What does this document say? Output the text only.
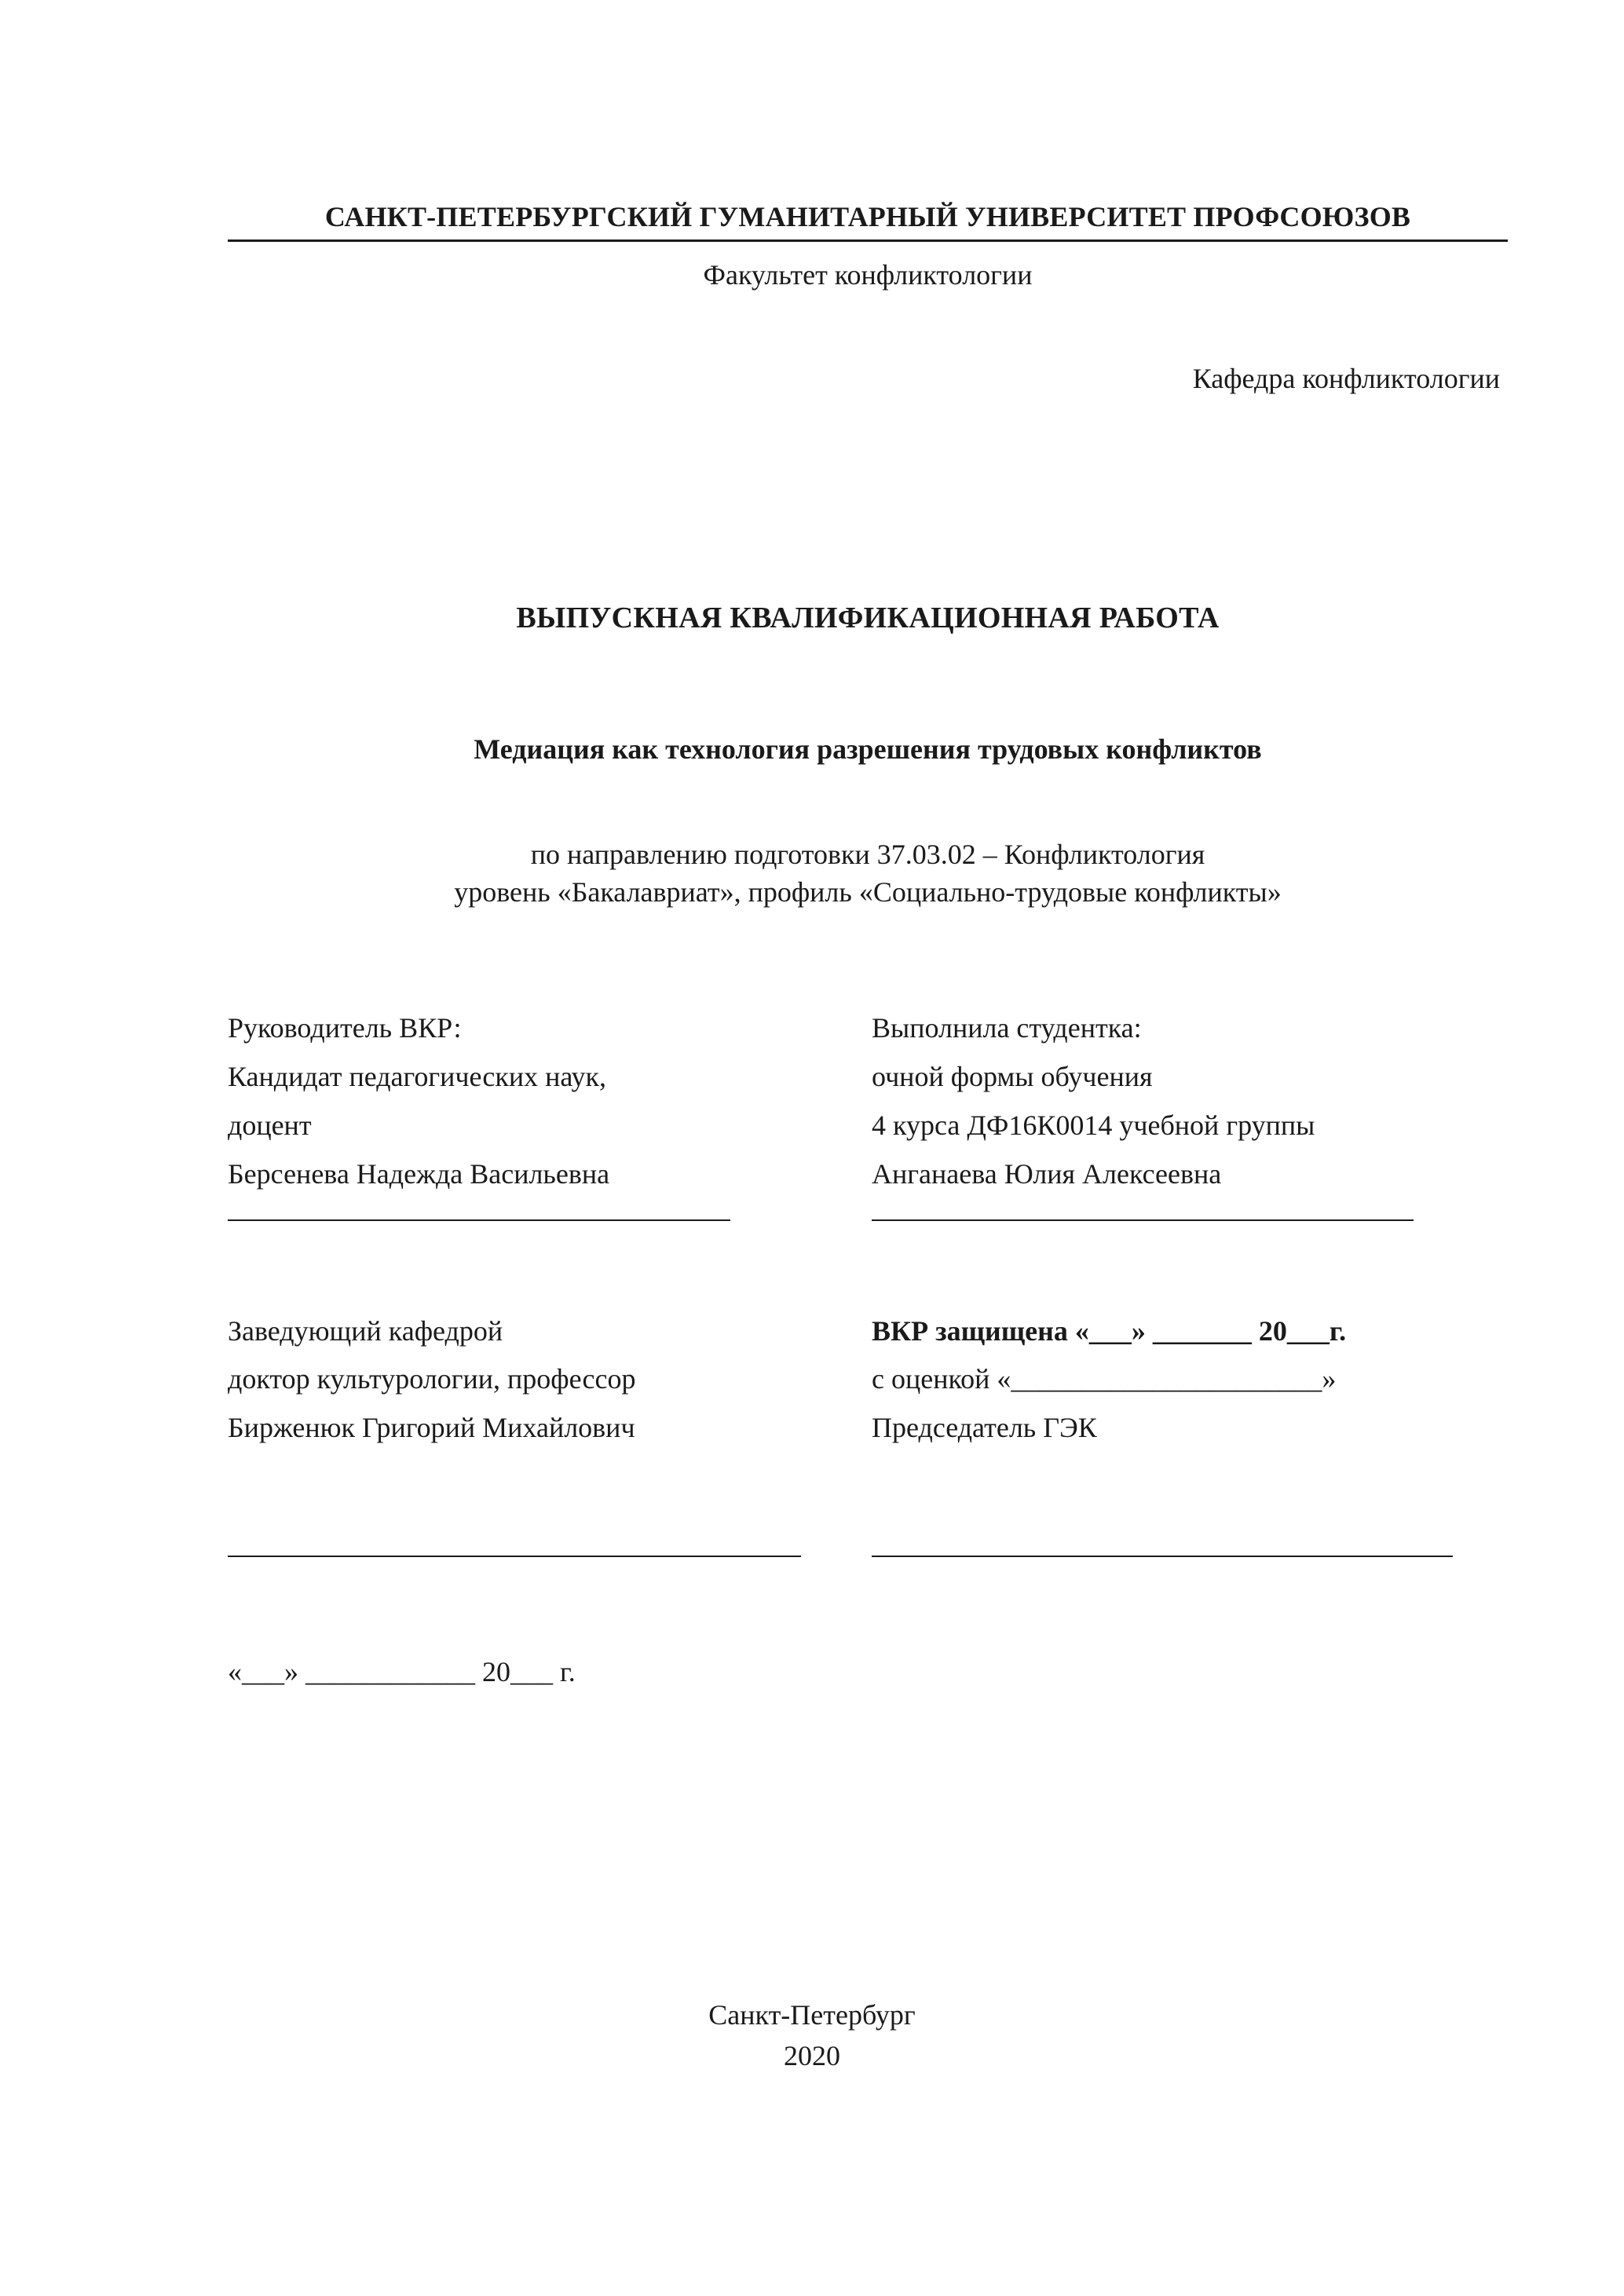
САНКТ-ПЕТЕРБУРГСКИЙ ГУМАНИТАРНЫЙ УНИВЕРСИТЕТ ПРОФСОЮЗОВ
Факультет конфликтологии
Кафедра конфликтологии
ВЫПУСКНАЯ КВАЛИФИКАЦИОННАЯ РАБОТА
Медиация как технология разрешения трудовых конфликтов
по направлению подготовки 37.03.02 – Конфликтология
уровень «Бакалавриат», профиль «Социально-трудовые конфликты»
Руководитель ВКР:
Кандидат педагогических наук,
доцент
Берсенева Надежда Васильевна
Выполнила студентка:
очной формы обучения
4 курса ДФ16К0014 учебной группы
Анганаева Юлия Алексеевна
Заведующий кафедрой
доктор культурологии, профессор
Бирженюк Григорий Михайлович
ВКР защищена «___» _______ 20___г.
с оценкой «______________________»
Председатель ГЭК
«___» ____________ 20___ г.
Санкт-Петербург
2020
